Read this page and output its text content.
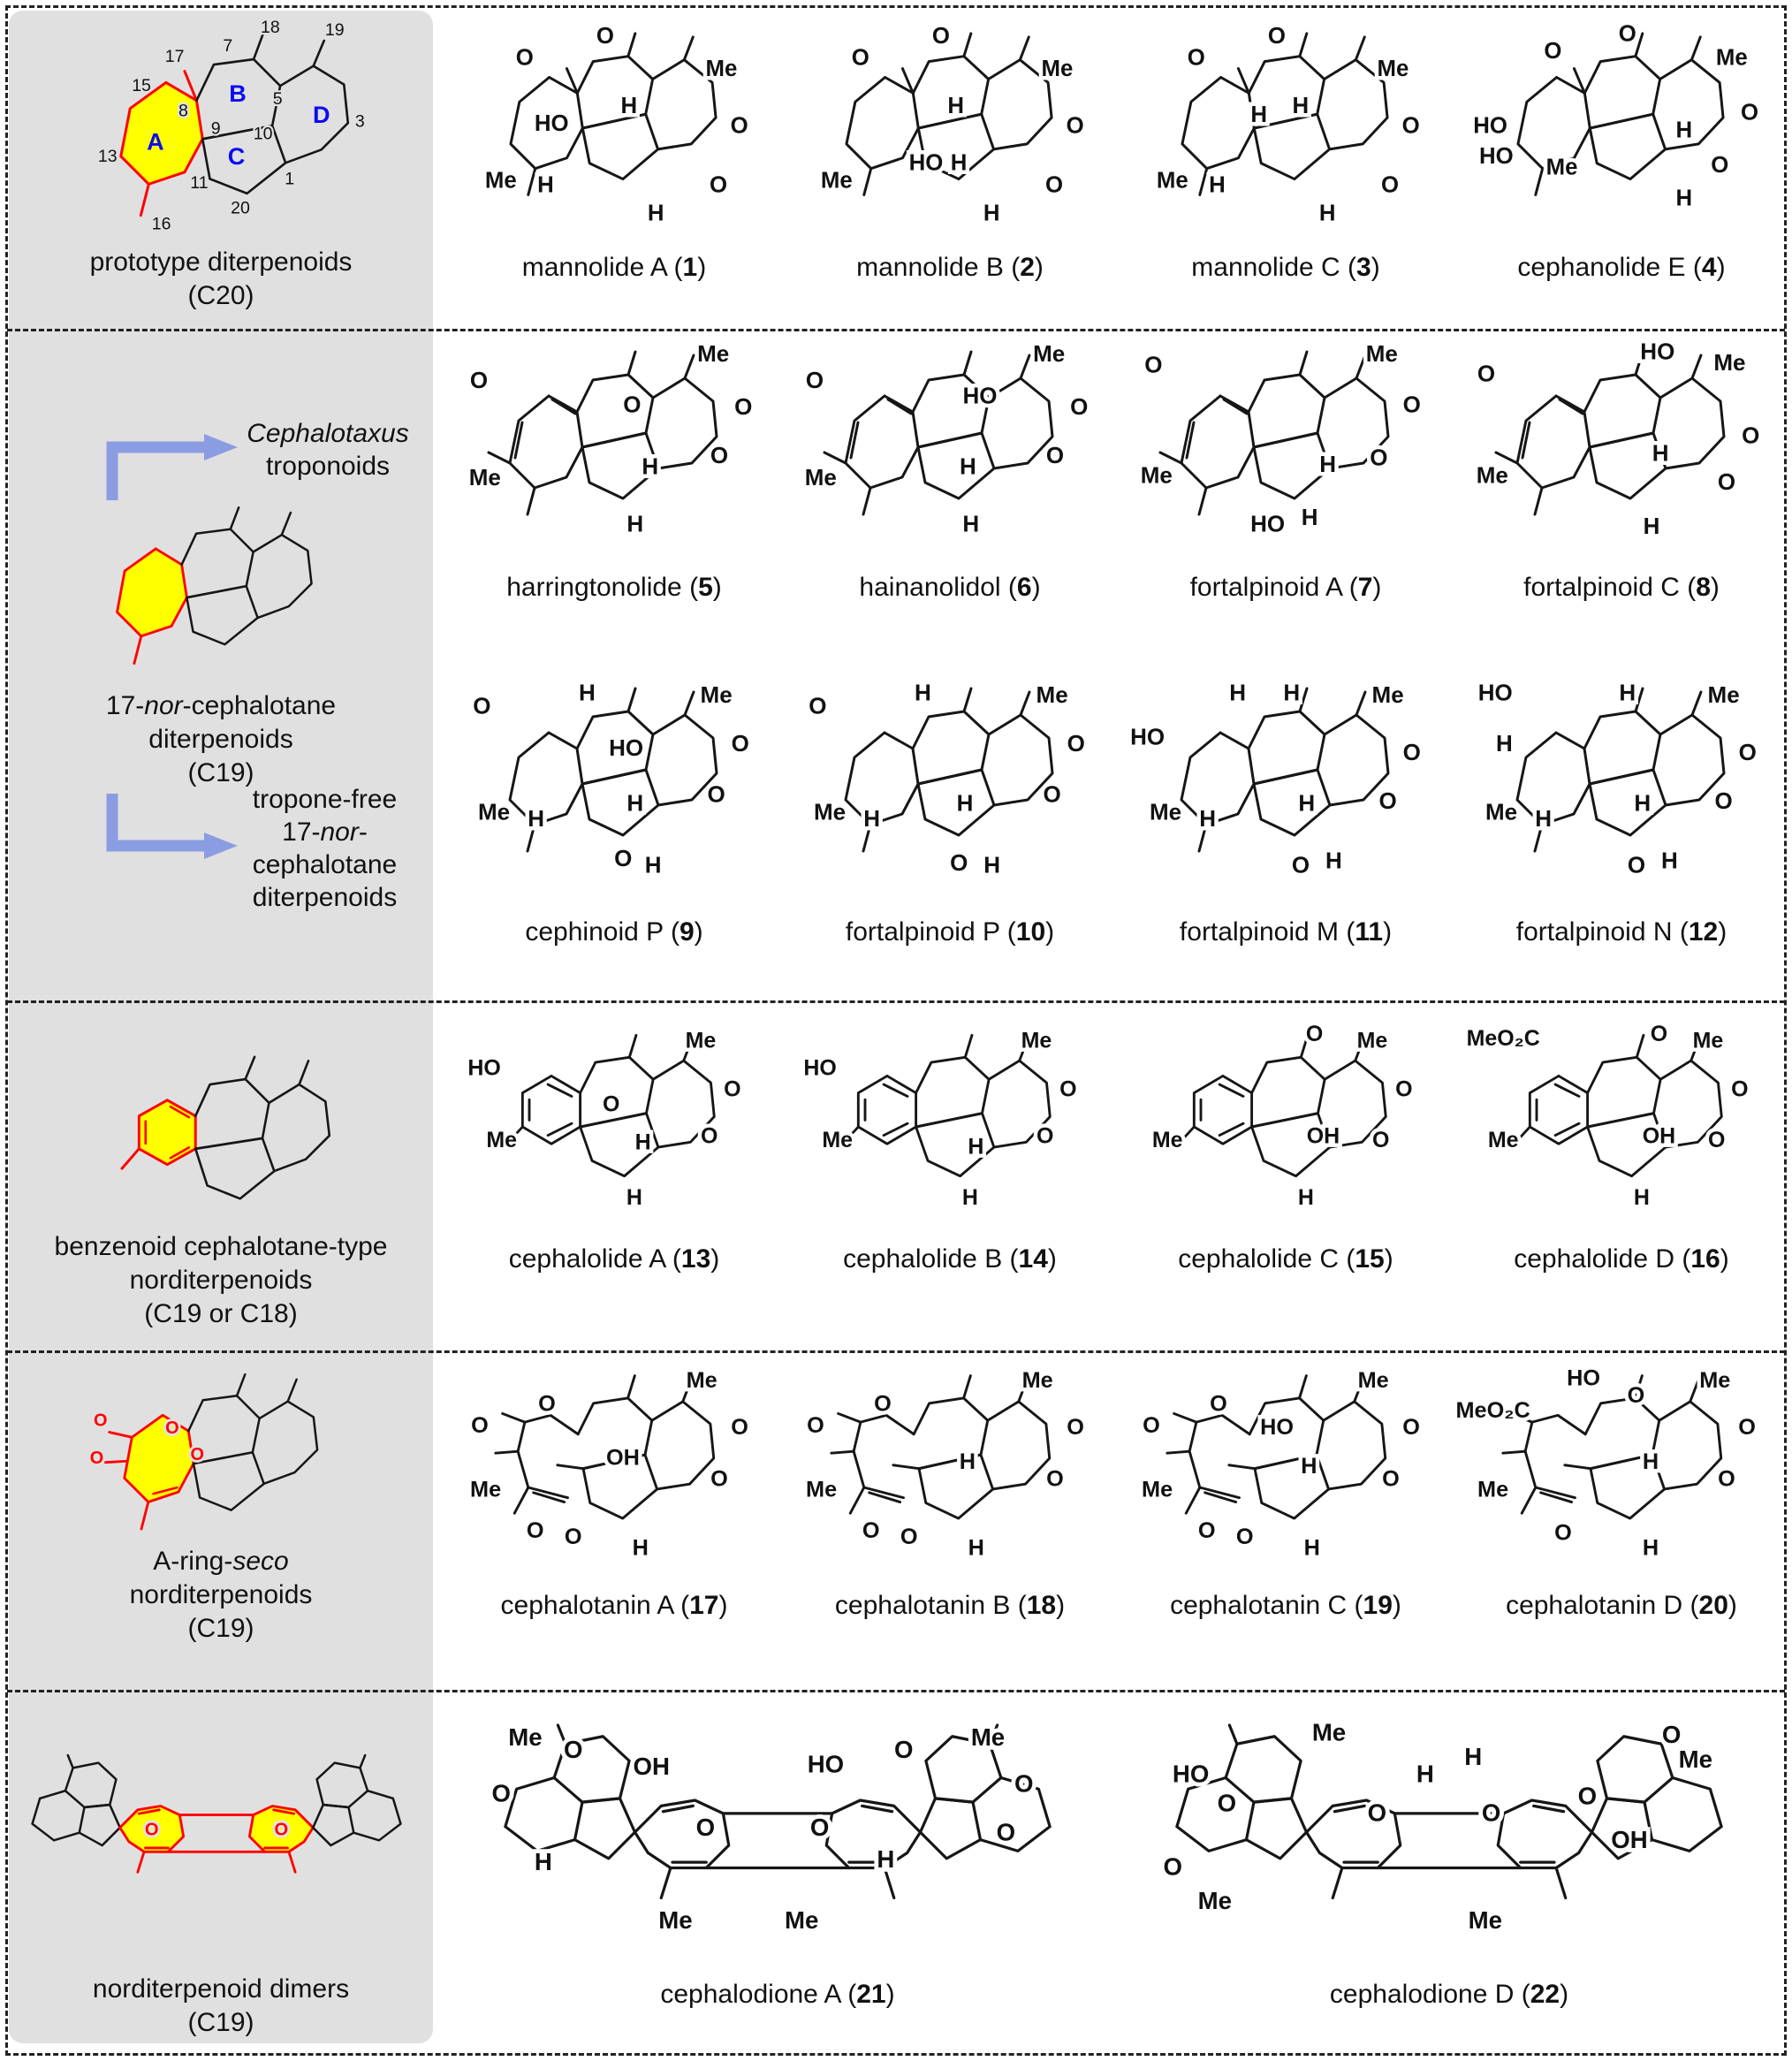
17
7
18 19
15
8
5
9 10
3
13
11	1
20
16
A
B
C
D
O
O
O
O
O	O
prototype diterpenoids
(C20)
Cephalotaxus
troponoids
17-nor-cephalotane
diterpenoids
(C19)
tropone-free
17-nor-
cephalotane
diterpenoids
benzenoid cephalotane-type
norditerpenoids
(C19 or C18)
A-ring-seco
norditerpenoids
(C19)
norditerpenoid dimers
(C19)
O
O
Me
HO
H
O
O
Me H
H
mannolide A (1)
O
O
Me
H
O
O
Me
HO H
H
mannolide B (2)
O
O
Me
H H
O
O
Me H
H
mannolide C (3)
O
O
Me
HO
HO Me
O
O
H
H
cephanolide E (4)
O
Me
Me
O	O
O
H
H
harringtonolide (5)
O
Me
Me
HO	O
O
H
H
hainanolidol (6)
O	Me
Me
O
O
HO H
H
fortalpinoid A (7)
O
HO Me
Me
H
O
O
H
fortalpinoid C (8)
O	H	Me
HO	O
O
Me H
H
O H
cephinoid P (9)
O	H	Me
O
O
Me H
H
O H
fortalpinoid P (10)
HO
H H	Me
Me H
O
O
H
O H
fortalpinoid M (11)
HO
H
H	Me
Me H
O
O
H
O H
fortalpinoid N (12)
HO
Me
Me
O
O
O
H
H
cephalolide A (13)
HO
Me
Me
O
O
H
H
cephalolide B (14)
O
Me
Me
OH
O
O
H
cephalolide C (15)
MeO₂C	O
Me
Me
OH
O
O
H
cephalolide D (16)
O
O
Me
O O
OH
Me
O
O
H
cephalotanin A (17)
O
O
Me
O O
H
Me
O
O
H
cephalotanin B (18)
O
O
HO
Me
O O
H
Me
O
O
H
cephalotanin C (19)
HO
MeO₂C
O
Me
O
H
Me
O
O
H
cephalotanin D (20)
Me O
O
OH
H
Me
O	O
HO
O	Me
O
H
Me
O
cephalodione A (21)
Me
HO
O
O
Me
O
H
O
O
OH
Me
O
Me
H
cephalodione D (22)
